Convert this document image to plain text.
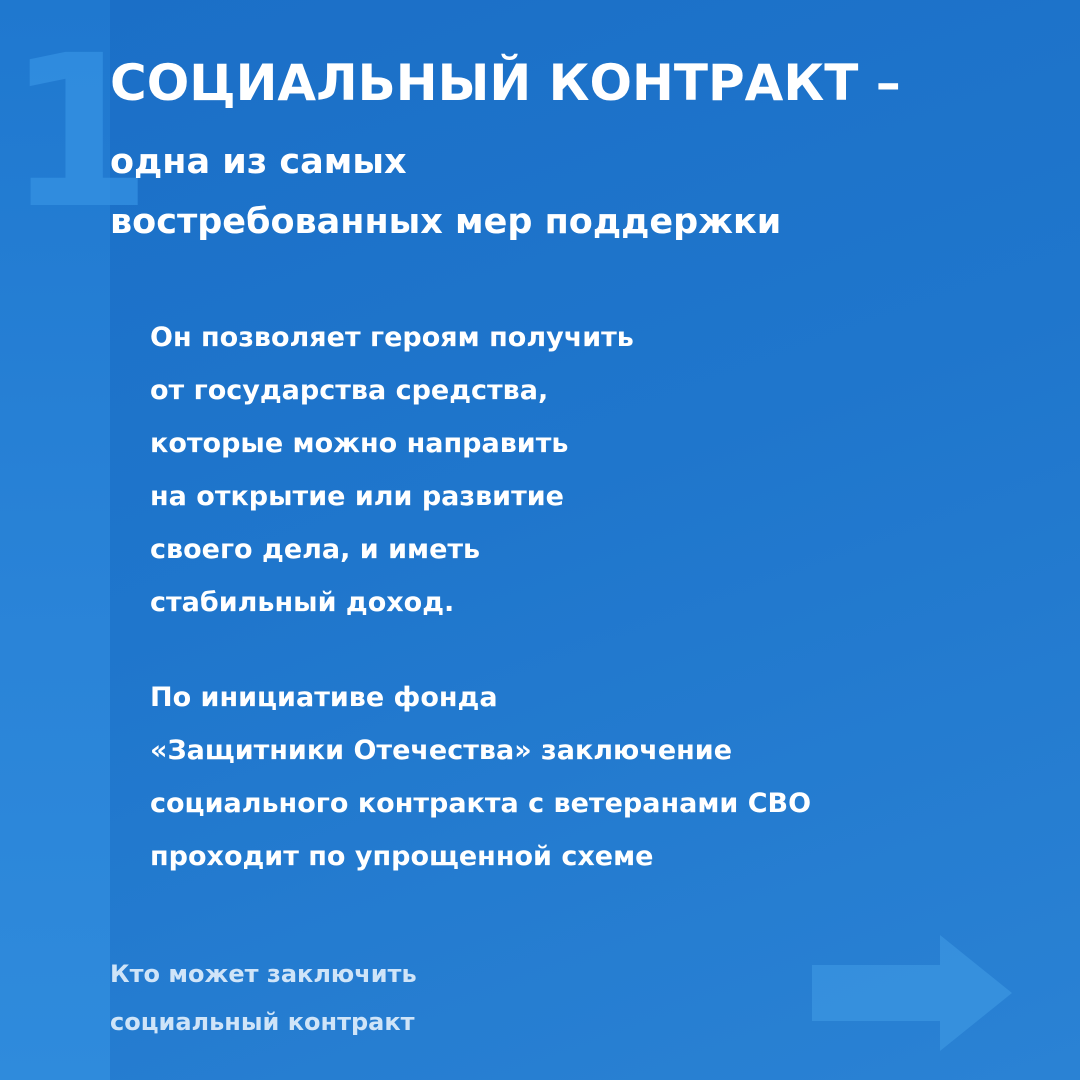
1
СОЦИАЛЬНЫЙ КОНТРАКТ –
одна из самых
востребованных мер поддержки
Он позволяет героям получить
от государства средства,
которые можно направить
на открытие или развитие
своего дела, и иметь
стабильный доход.
По инициативе фонда
«Защитники Отечества» заключение
социального контракта с ветеранами СВО
проходит по упрощенной схеме
Кто может заключить
социальный контракт
